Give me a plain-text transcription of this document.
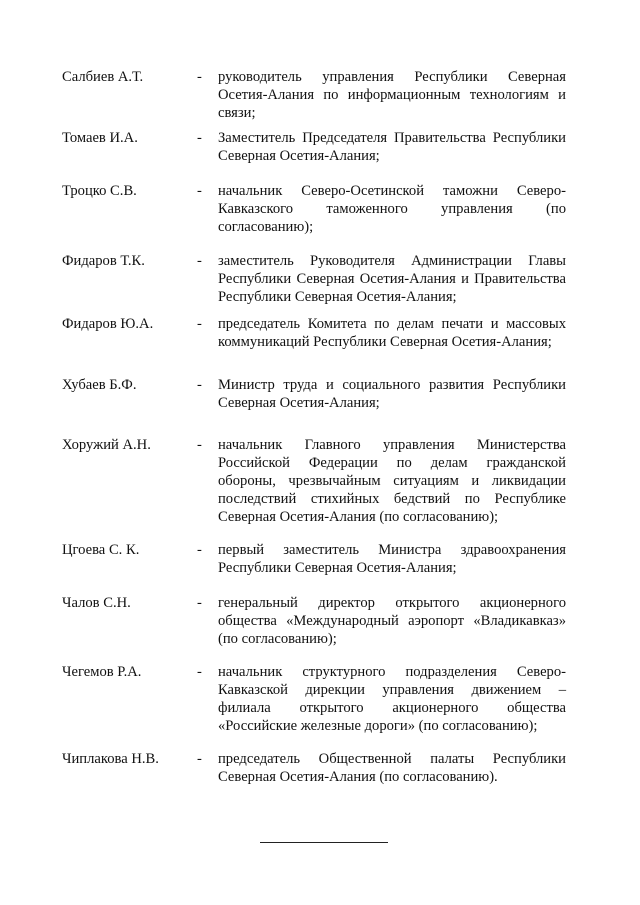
Салбиев А.Т.	- руководитель управления Республики Северная Осетия-Алания по информационным технологиям и связи;
Томаев И.А.	- Заместитель Председателя Правительства Республики Северная Осетия-Алания;
Троцко С.В.	- начальник Северо-Осетинской таможни Северо-Кавказского таможенного управления (по согласованию);
Фидаров Т.К.	- заместитель Руководителя Администрации Главы Республики Северная Осетия-Алания и Правительства Республики Северная Осетия-Алания;
Фидаров Ю.А.	- председатель Комитета по делам печати и массовых коммуникаций Республики Северная Осетия-Алания;
Хубаев Б.Ф.	- Министр труда и социального развития Республики Северная Осетия-Алания;
Хоружий А.Н.	- начальник Главного управления Министерства Российской Федерации по делам гражданской обороны, чрезвычайным ситуациям и ликвидации последствий стихийных бедствий по Республике Северная Осетия-Алания (по согласованию);
Цгоева С. К.	- первый заместитель Министра здравоохранения Республики Северная Осетия-Алания;
Чалов С.Н.	- генеральный директор открытого акционерного общества «Международный аэропорт «Владикавказ» (по согласованию);
Чегемов Р.А.	- начальник структурного подразделения Северо-Кавказской дирекции управления движением – филиала открытого акционерного общества «Российские железные дороги» (по согласованию);
Чиплакова Н.В.	- председатель Общественной палаты Республики Северная Осетия-Алания (по согласованию).
